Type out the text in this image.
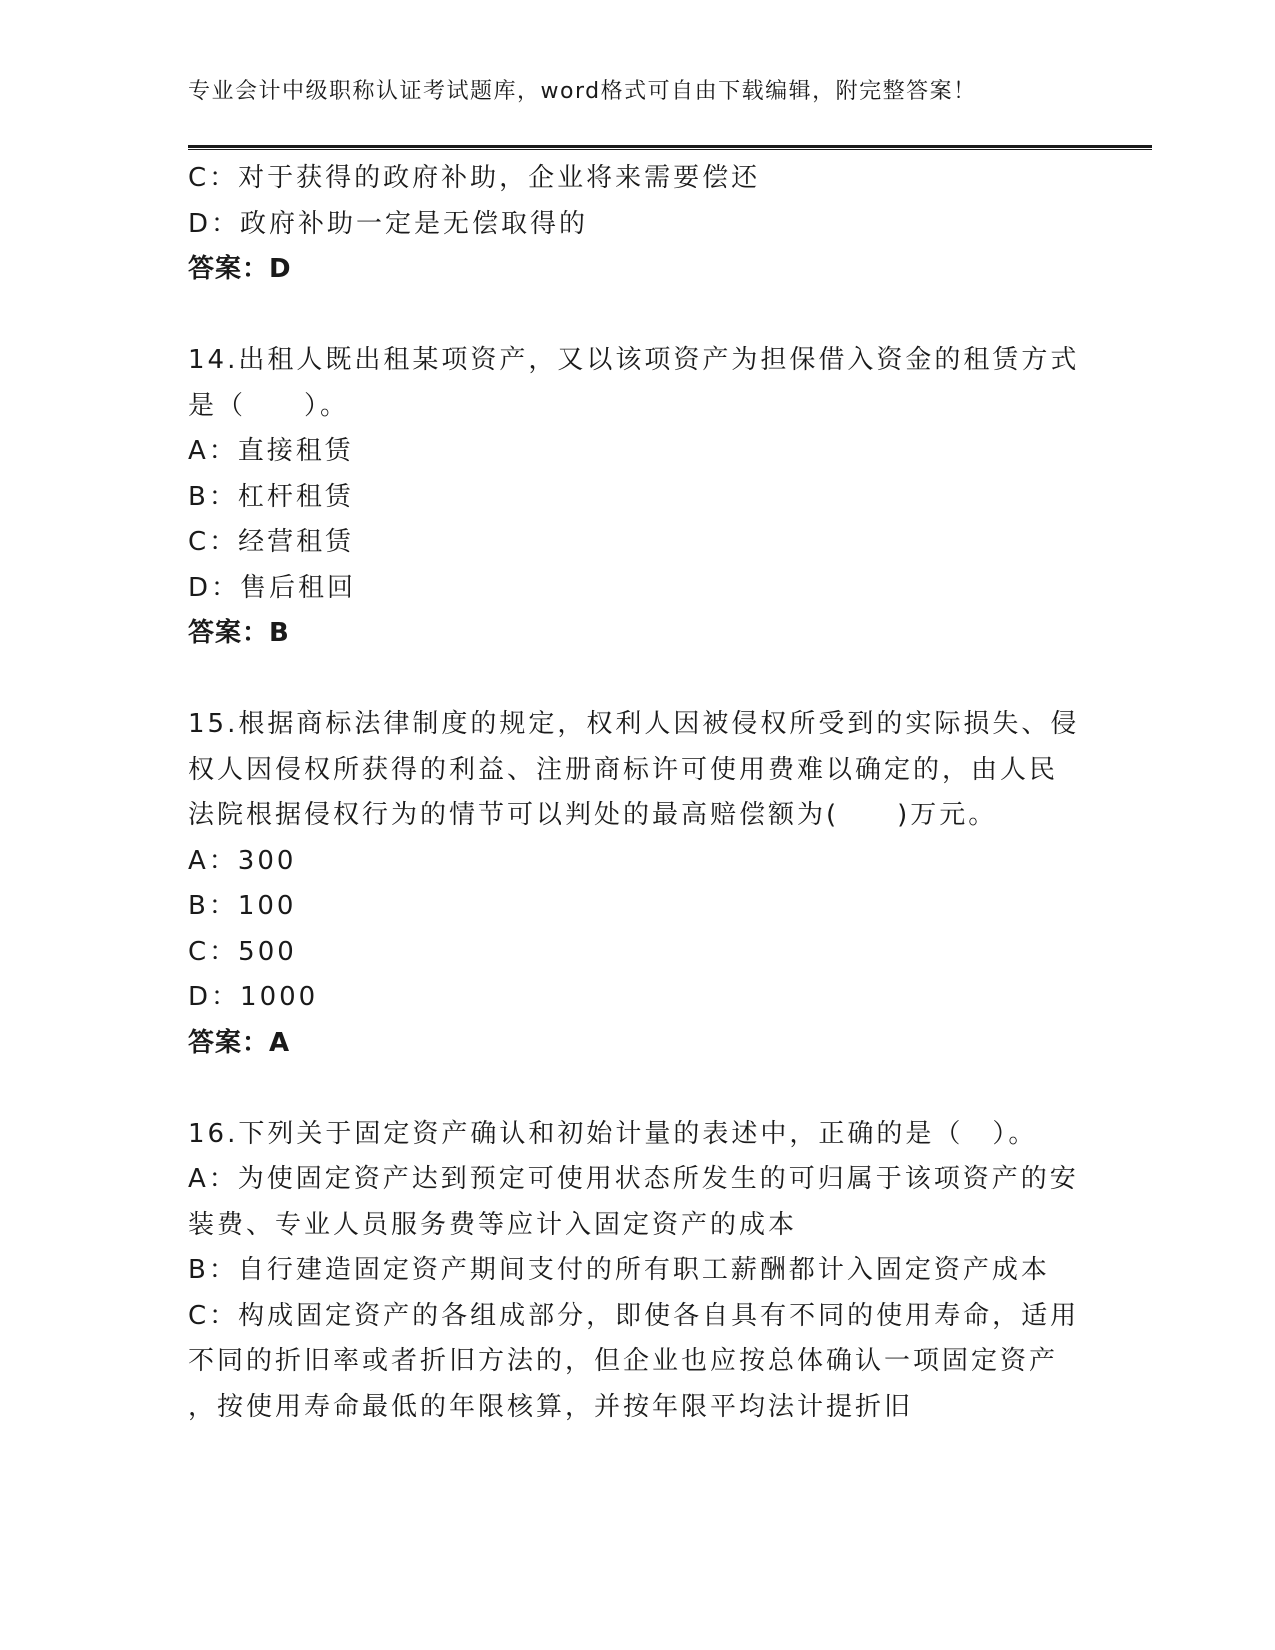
专业会计中级职称认证考试题库，word格式可自由下载编辑，附完整答案！
C：对于获得的政府补助，企业将来需要偿还
D：政府补助一定是无偿取得的
答案：D
14.出租人既出租某项资产，又以该项资产为担保借入资金的租赁方式
是（　　）。
A：直接租赁
B：杠杆租赁
C：经营租赁
D：售后租回
答案：B
15.根据商标法律制度的规定，权利人因被侵权所受到的实际损失、侵
权人因侵权所获得的利益、注册商标许可使用费难以确定的，由人民
法院根据侵权行为的情节可以判处的最高赔偿额为(　　)万元。
A：300
B：100
C：500
D：1000
答案：A
16.下列关于固定资产确认和初始计量的表述中，正确的是（　）。
A：为使固定资产达到预定可使用状态所发生的可归属于该项资产的安
装费、专业人员服务费等应计入固定资产的成本
B：自行建造固定资产期间支付的所有职工薪酬都计入固定资产成本
C：构成固定资产的各组成部分，即使各自具有不同的使用寿命，适用
不同的折旧率或者折旧方法的，但企业也应按总体确认一项固定资产
，按使用寿命最低的年限核算，并按年限平均法计提折旧
